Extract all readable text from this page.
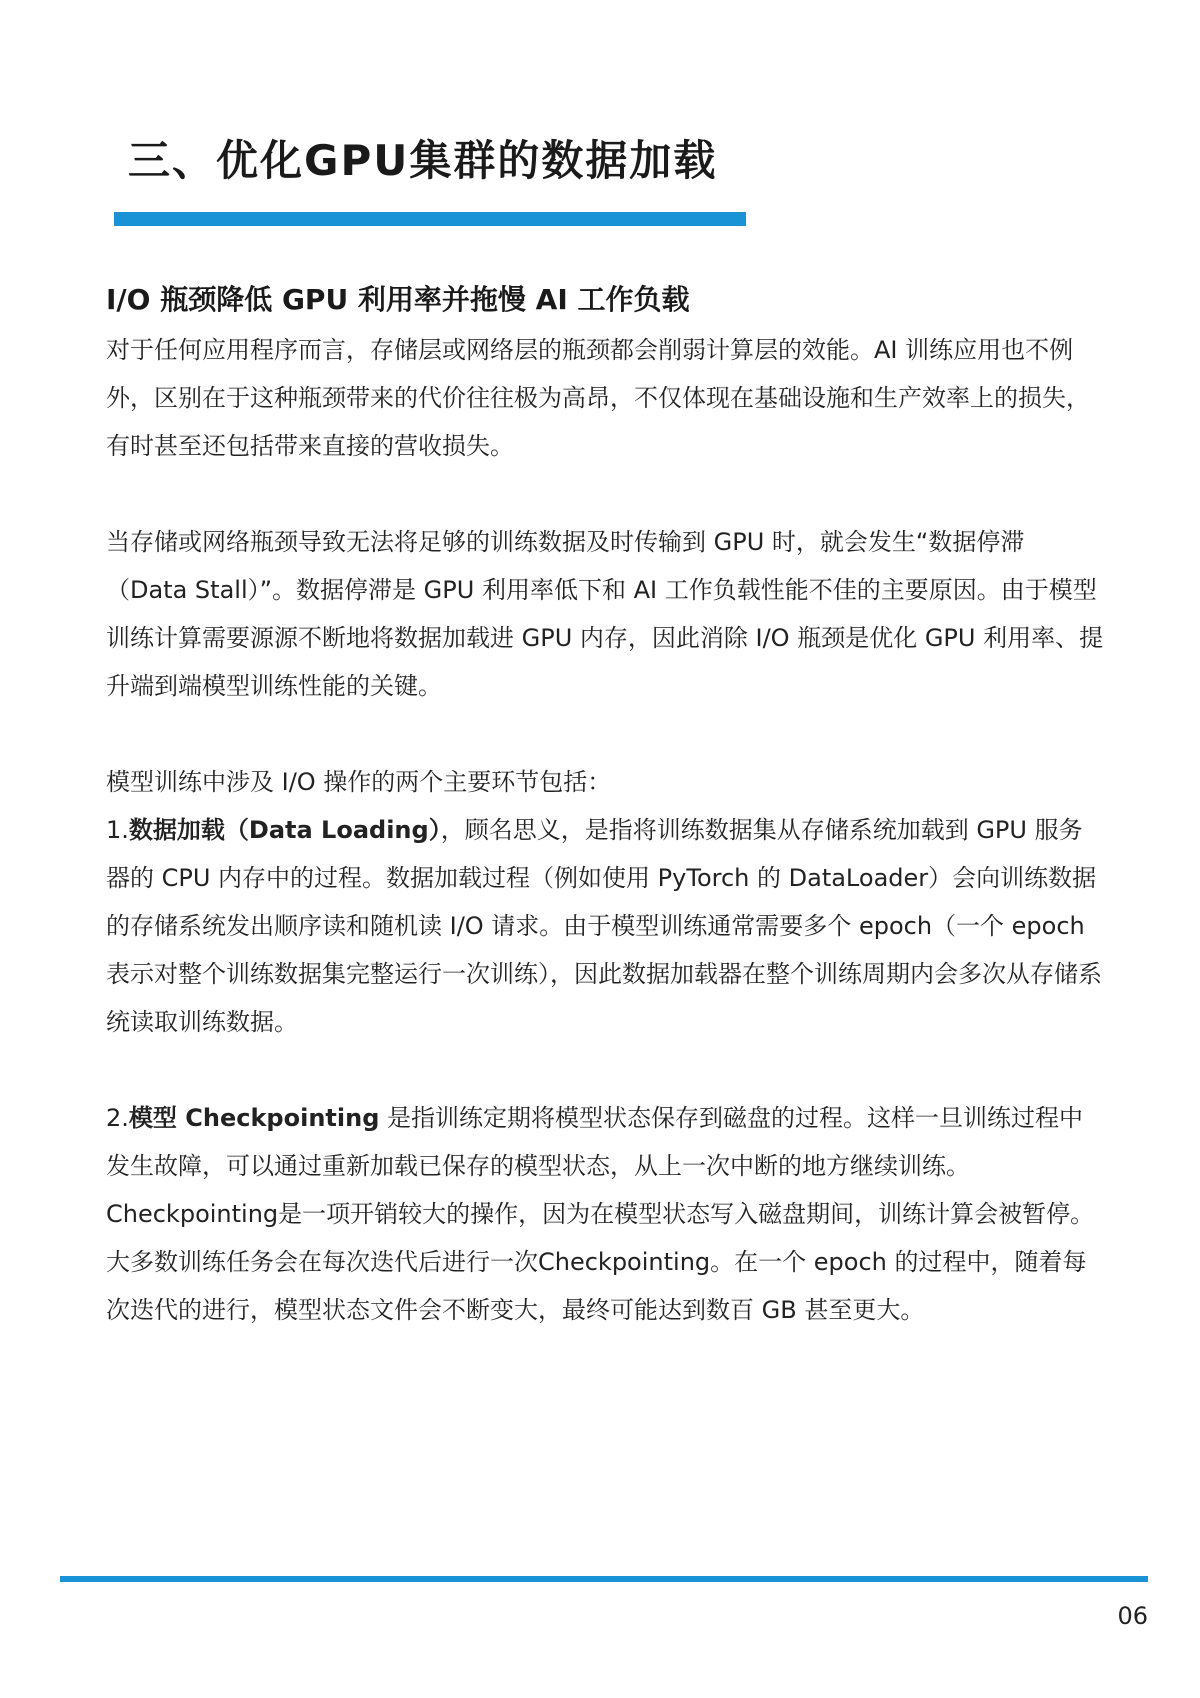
三、优化GPU集群的数据加载
I/O 瓶颈降低 GPU 利用率并拖慢 AI 工作负载

对于任何应用程序而言，存储层或网络层的瓶颈都会削弱计算层的效能。AI 训练应用也不例外，区别在于这种瓶颈带来的代价往往极为高昂，不仅体现在基础设施和生产效率上的损失，有时甚至还包括带来直接的营收损失。

当存储或网络瓶颈导致无法将足够的训练数据及时传输到 GPU 时，就会发生“数据停滞（Data Stall）”。数据停滞是 GPU 利用率低下和 AI 工作负载性能不佳的主要原因。由于模型训练计算需要源源不断地将数据加载进 GPU 内存，因此消除 I/O 瓶颈是优化 GPU 利用率、提升端到端模型训练性能的关键。

模型训练中涉及 I/O 操作的两个主要环节包括：

1.数据加载（Data Loading），顾名思义，是指将训练数据集从存储系统加载到 GPU 服务器的 CPU 内存中的过程。数据加载过程（例如使用 PyTorch 的 DataLoader）会向训练数据的存储系统发出顺序读和随机读 I/O 请求。由于模型训练通常需要多个 epoch（一个 epoch 表示对整个训练数据集完整运行一次训练），因此数据加载器在整个训练周期内会多次从存储系统读取训练数据。

2.模型 Checkpointing 是指训练定期将模型状态保存到磁盘的过程。这样一旦训练过程中发生故障，可以通过重新加载已保存的模型状态，从上一次中断的地方继续训练。Checkpointing是一项开销较大的操作，因为在模型状态写入磁盘期间，训练计算会被暂停。大多数训练任务会在每次迭代后进行一次Checkpointing。在一个 epoch 的过程中，随着每次迭代的进行，模型状态文件会不断变大，最终可能达到数百 GB 甚至更大。

06
